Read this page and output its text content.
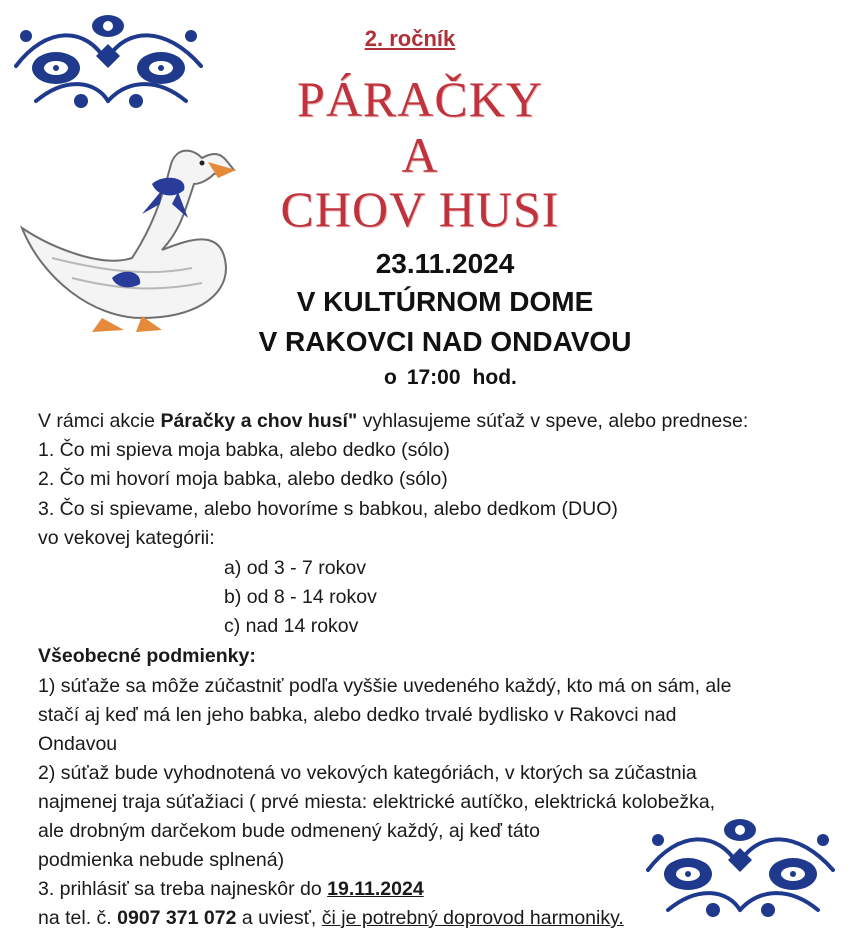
2. ročník
PÁRAČKY
A
CHOV HUSI
23.11.2024
V KULTÚRNOM DOME
V RAKOVCI NAD ONDAVOU
o 17:00 hod.
V rámci akcie Páračky a chov husí" vyhlasujeme súťaž v speve, alebo prednese:
1. Čo mi spieva moja babka, alebo dedko (sólo)
2. Čo mi hovorí moja babka, alebo dedko (sólo)
3. Čo si spievame, alebo hovoríme s babkou, alebo dedkom (DUO)
vo vekovej kategórii:
a) od 3 - 7 rokov
b) od 8 - 14 rokov
c) nad 14 rokov
Všeobecné podmienky:
1) súťaže sa môže zúčastniť podľa vyššie uvedeného každý, kto má on sám, ale
stačí aj keď má len jeho babka, alebo dedko trvalé bydlisko v Rakovci nad
Ondavou
2) súťaž bude vyhodnotená vo vekových kategóriách, v ktorých sa zúčastnia
najmenej traja súťažiaci ( prvé miesta: elektrické autíčko, elektrická kolobežka,
ale drobným darčekom bude odmenený každý, aj keď táto
podmienka nebude splnená)
3. prihlásiť sa treba najneskôr do 19.11.2024
na tel. č. 0907 371 072 a uviesť, či je potrebný doprovod harmoniky.
